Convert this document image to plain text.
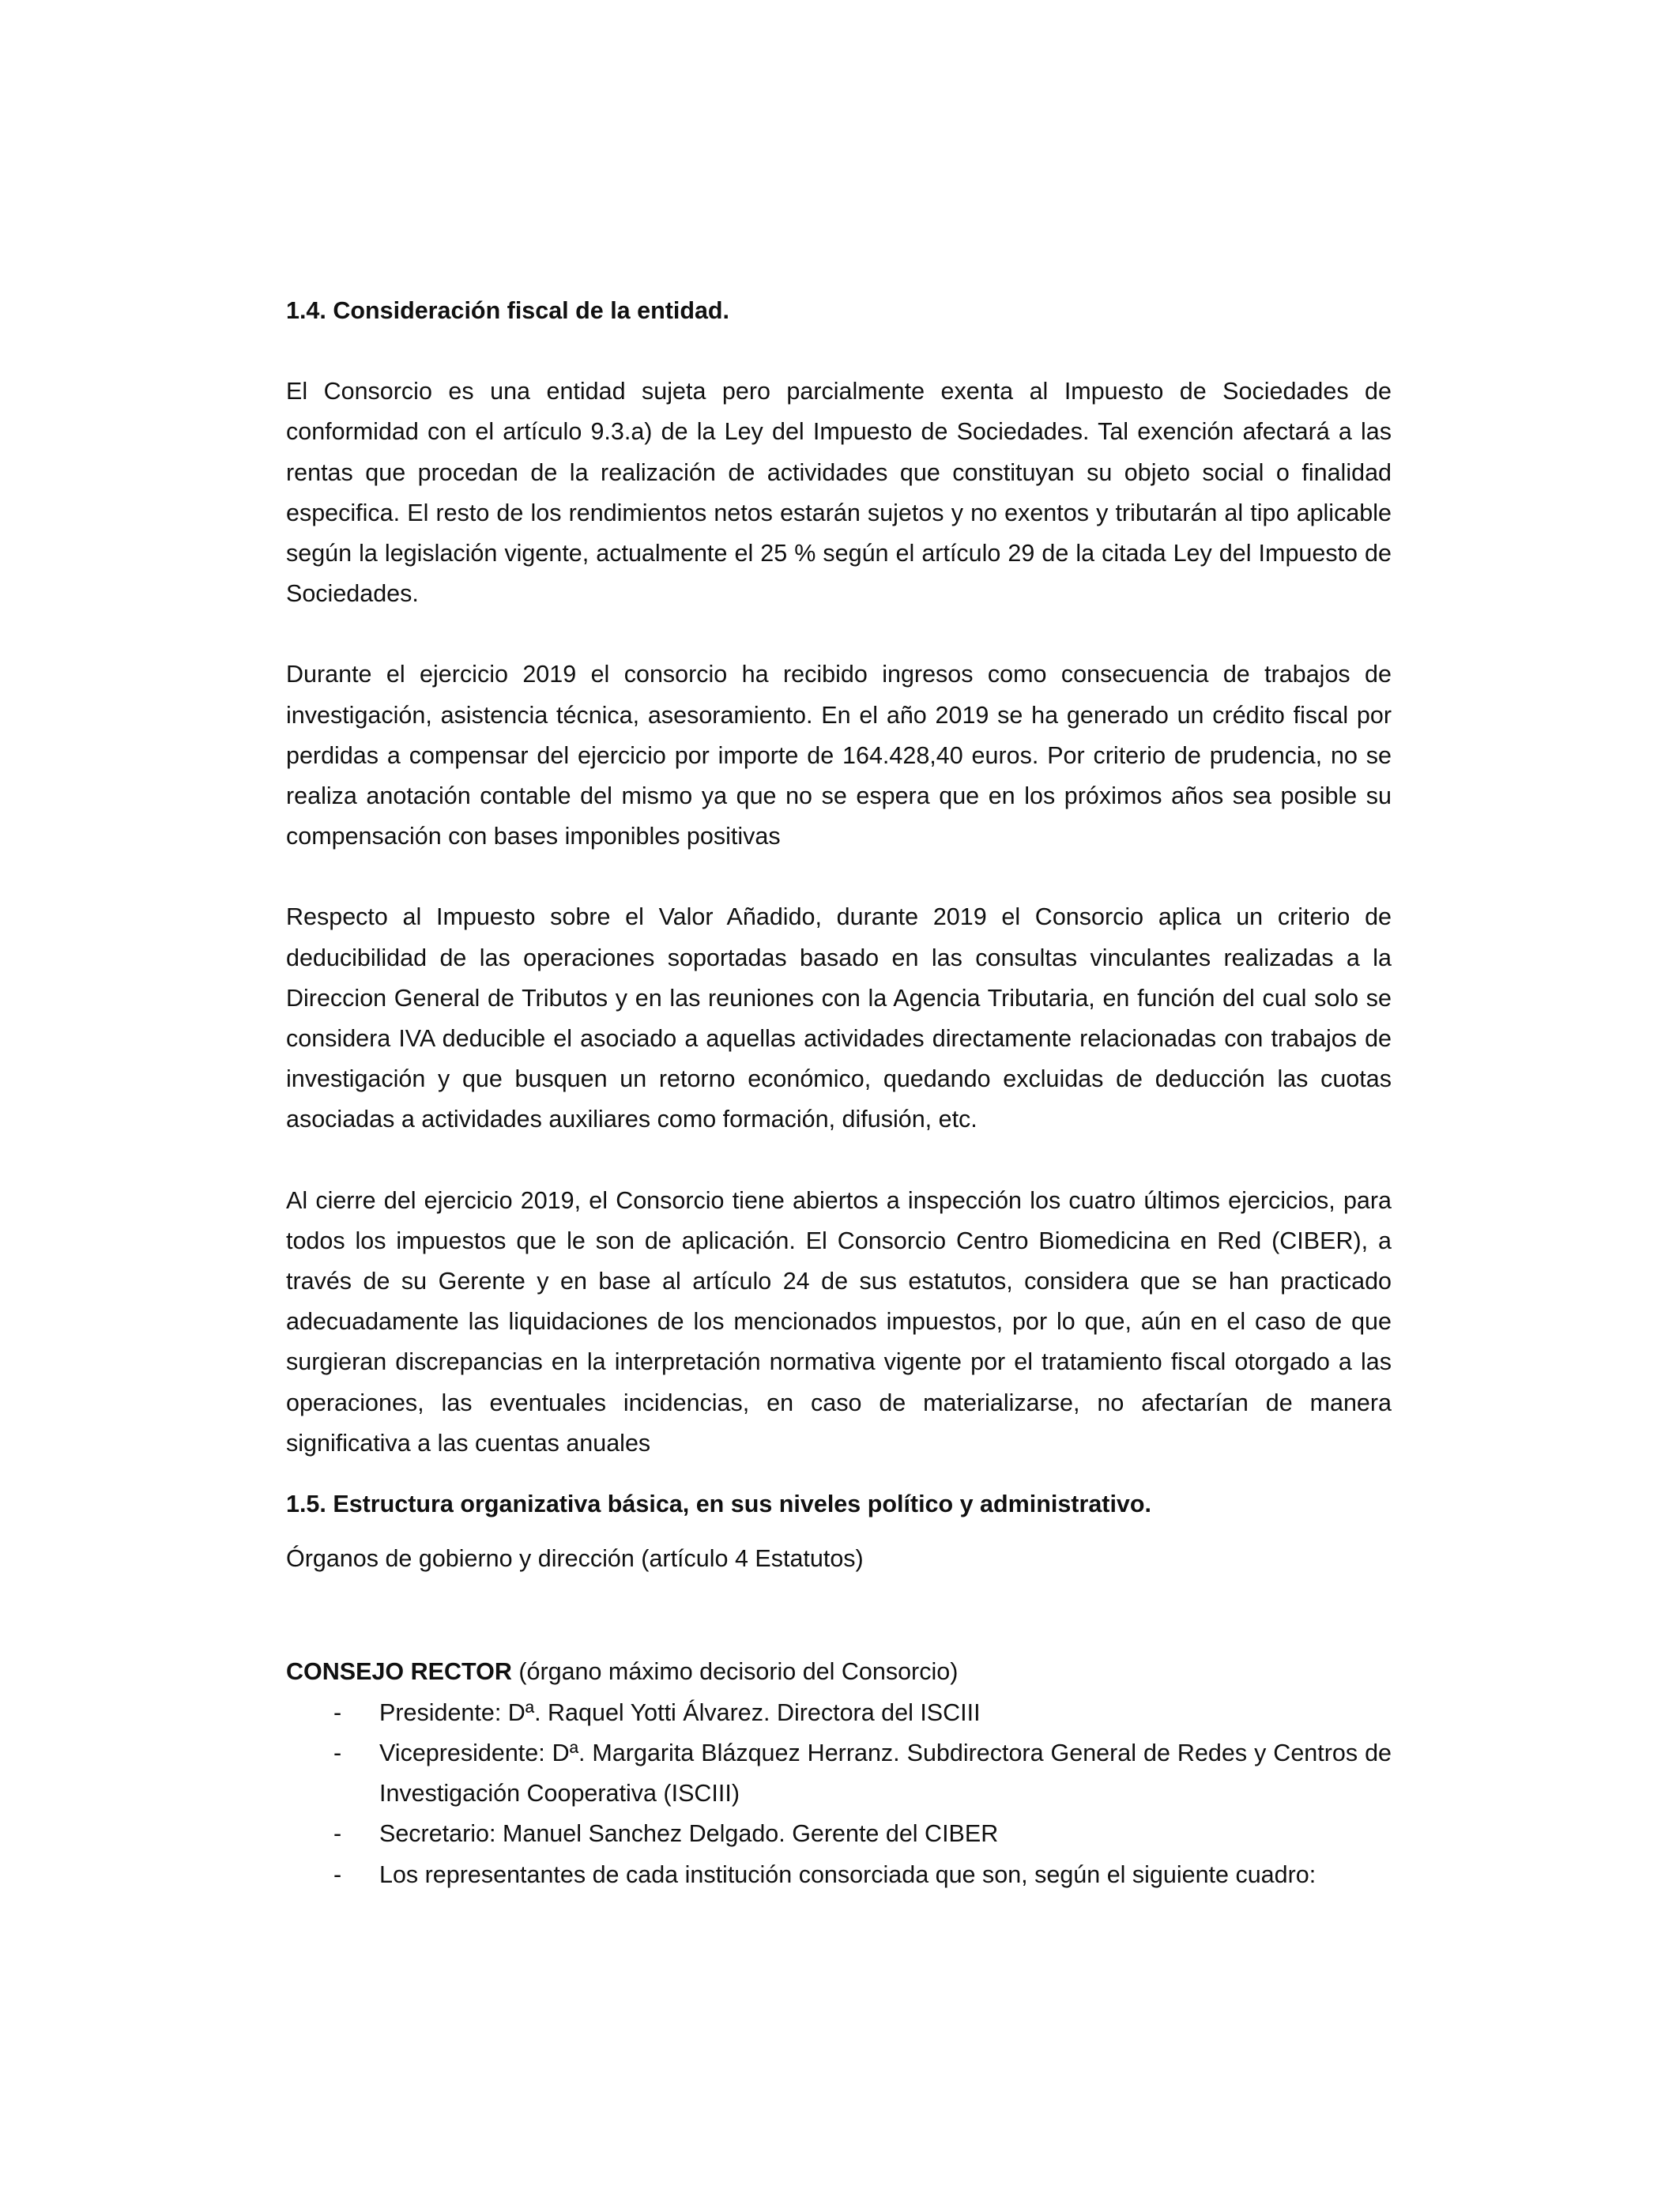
1.4. Consideración fiscal de la entidad.

El Consorcio es una entidad sujeta pero parcialmente exenta al Impuesto de Sociedades de conformidad con el artículo 9.3.a) de la Ley del Impuesto de Sociedades. Tal exención afectará a las rentas que procedan de la realización de actividades que constituyan su objeto social o finalidad especifica. El resto de los rendimientos netos estarán sujetos y no exentos y tributarán al tipo aplicable según la legislación vigente, actualmente el 25 % según el artículo 29 de la citada Ley del Impuesto de Sociedades.

Durante el ejercicio 2019 el consorcio ha recibido ingresos como consecuencia de trabajos de investigación, asistencia técnica, asesoramiento. En el año 2019 se ha generado un crédito fiscal por perdidas a compensar del ejercicio por importe de 164.428,40 euros. Por criterio de prudencia, no se realiza anotación contable del mismo ya que no se espera que en los próximos años sea posible su compensación con bases imponibles positivas

Respecto al Impuesto sobre el Valor Añadido, durante 2019 el Consorcio aplica un criterio de deducibilidad de las operaciones soportadas basado en las consultas vinculantes realizadas a la Direccion General de Tributos y en las reuniones con la Agencia Tributaria, en función del cual solo se considera IVA deducible el asociado a aquellas actividades directamente relacionadas con trabajos de investigación y que busquen un retorno económico, quedando excluidas de deducción las cuotas asociadas a actividades auxiliares como formación, difusión, etc.

Al cierre del ejercicio 2019, el Consorcio tiene abiertos a inspección los cuatro últimos ejercicios, para todos los impuestos que le son de aplicación. El Consorcio Centro Biomedicina en Red (CIBER), a través de su Gerente y en base al artículo 24 de sus estatutos, considera que se han practicado adecuadamente las liquidaciones de los mencionados impuestos, por lo que, aún en el caso de que surgieran discrepancias en la interpretación normativa vigente por el tratamiento fiscal otorgado a las operaciones, las eventuales incidencias, en caso de materializarse, no afectarían de manera significativa a las cuentas anuales

1.5. Estructura organizativa básica, en sus niveles político y administrativo.

Órganos de gobierno y dirección (artículo 4 Estatutos)

CONSEJO RECTOR (órgano máximo decisorio del Consorcio)

- Presidente: Dª. Raquel Yotti Álvarez. Directora del ISCIII
- Vicepresidente: Dª. Margarita Blázquez Herranz. Subdirectora General de Redes y Centros de Investigación Cooperativa (ISCIII)
- Secretario: Manuel Sanchez Delgado. Gerente del CIBER
- Los representantes de cada institución consorciada que son, según el siguiente cuadro:
